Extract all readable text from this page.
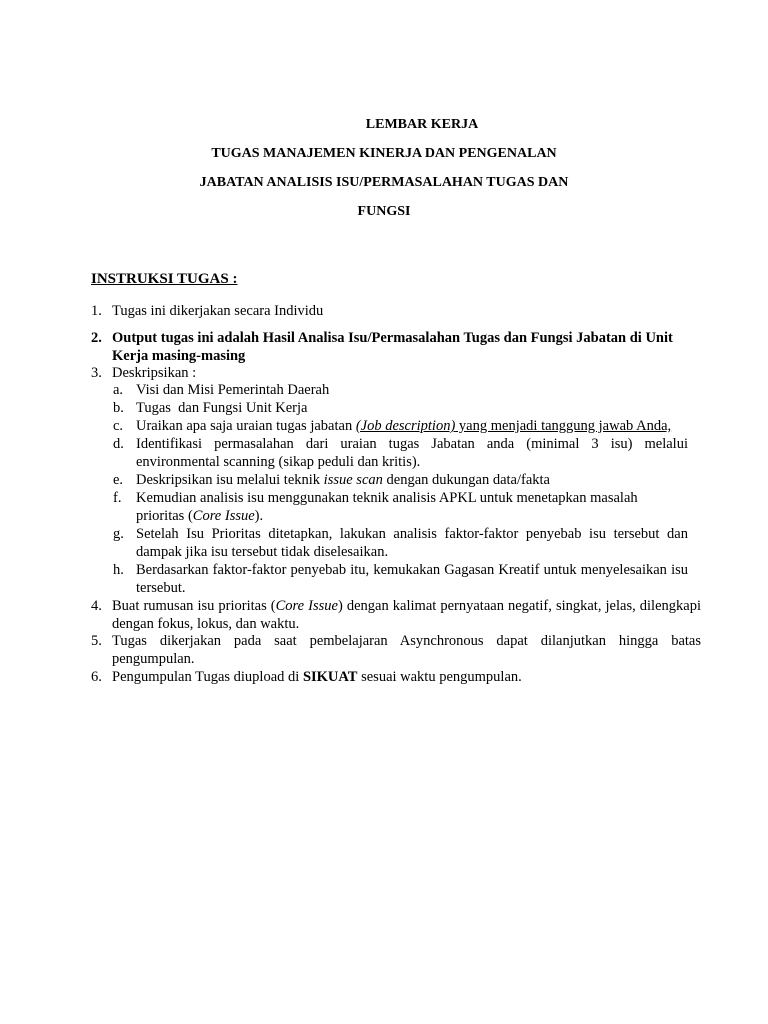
LEMBAR KERJA
TUGAS MANAJEMEN KINERJA DAN PENGENALAN
JABATAN ANALISIS ISU/PERMASALAHAN TUGAS DAN
FUNGSI
INSTRUKSI TUGAS :
1. Tugas ini dikerjakan secara Individu
2. Output tugas ini adalah Hasil Analisa Isu/Permasalahan Tugas dan Fungsi Jabatan di Unit Kerja masing-masing
3. Deskripsikan :
a. Visi dan Misi Pemerintah Daerah
b. Tugas  dan Fungsi Unit Kerja
c. Uraikan apa saja uraian tugas jabatan (Job description) yang menjadi tanggung jawab Anda,
d. Identifikasi permasalahan dari uraian tugas Jabatan anda (minimal 3 isu) melalui environmental scanning (sikap peduli dan kritis).
e. Deskripsikan isu melalui teknik issue scan dengan dukungan data/fakta
f. Kemudian analisis isu menggunakan teknik analisis APKL untuk menetapkan masalah prioritas (Core Issue).
g. Setelah Isu Prioritas ditetapkan, lakukan analisis faktor-faktor penyebab isu tersebut dan dampak jika isu tersebut tidak diselesaikan.
h. Berdasarkan faktor-faktor penyebab itu, kemukakan Gagasan Kreatif untuk menyelesaikan isu tersebut.
4. Buat rumusan isu prioritas (Core Issue) dengan kalimat pernyataan negatif, singkat, jelas, dilengkapi dengan fokus, lokus, dan waktu.
5. Tugas dikerjakan pada saat pembelajaran Asynchronous dapat dilanjutkan hingga batas pengumpulan.
6. Pengumpulan Tugas diupload di SIKUAT sesuai waktu pengumpulan.
